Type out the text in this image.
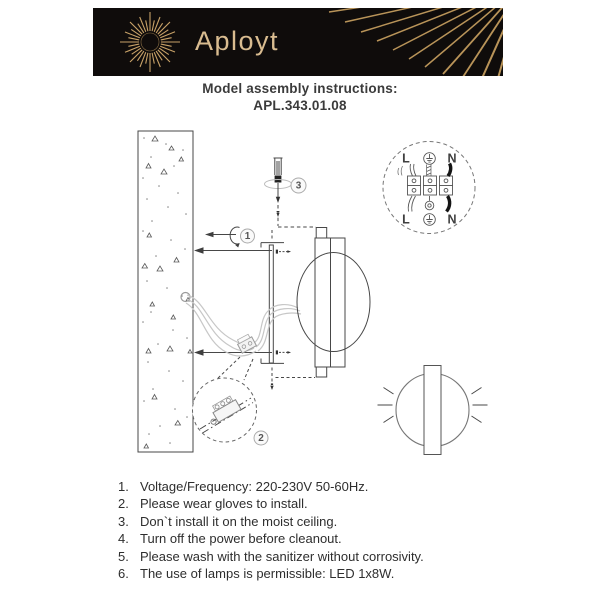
Aployt
Model assembly instructions:
APL.343.01.08
1
3
2
L	N
L	N
1. Voltage/Frequency: 220-230V 50-60Hz.
2. Please wear gloves to install.
3. Don`t install it on the moist ceiling.
4. Turn off the power before cleanout.
5. Please wash with the sanitizer without corrosivity.
6. The use of lamps is permissible: LED 1x8W.
